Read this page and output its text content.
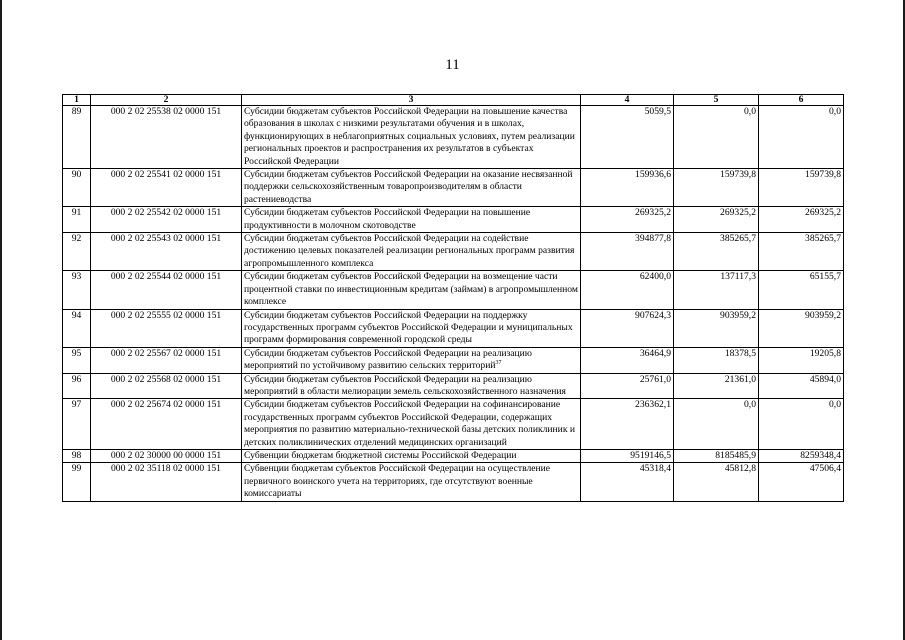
11
1	2	3	4	5	6
89	000 2 02 25538 02 0000 151	Субсидии бюджетам субъектов Российской Федерации на повышение качества образования в школах с низкими результатами обучения и в школах, функционирующих в неблагоприятных социальных условиях, путем реализации региональных проектов и распространения их результатов в субъектах Российской Федерации	5059,5	0,0	0,0
90	000 2 02 25541 02 0000 151	Субсидии бюджетам субъектов Российской Федерации на оказание несвязанной поддержки сельскохозяйственным товаропроизводителям в области растениеводства	159936,6	159739,8	159739,8
91	000 2 02 25542 02 0000 151	Субсидии бюджетам субъектов Российской Федерации на повышение продуктивности в молочном скотоводстве	269325,2	269325,2	269325,2
92	000 2 02 25543 02 0000 151	Субсидии бюджетам субъектов Российской Федерации на содействие достижению целевых показателей реализации региональных программ развития агропромышленного комплекса	394877,8	385265,7	385265,7
93	000 2 02 25544 02 0000 151	Субсидии бюджетам субъектов Российской Федерации на возмещение части процентной ставки по инвестиционным кредитам (займам) в агропромышленном комплексе	62400,0	137117,3	65155,7
94	000 2 02 25555 02 0000 151	Субсидии бюджетам субъектов Российской Федерации на поддержку государственных программ субъектов Российской Федерации и муниципальных программ формирования современной городской среды	907624,3	903959,2	903959,2
95	000 2 02 25567 02 0000 151	Субсидии бюджетам субъектов Российской Федерации на реализацию мероприятий по устойчивому развитию сельских территорий$^{37}$	36464,9	18378,5	19205,8
96	000 2 02 25568 02 0000 151	Субсидии бюджетам субъектов Российской Федерации на реализацию мероприятий в области мелиорации земель сельскохозяйственного назначения	25761,0	21361,0	45894,0
97	000 2 02 25674 02 0000 151	Субсидии бюджетам субъектов Российской Федерации на софинансирование государственных программ субъектов Российской Федерации, содержащих мероприятия по развитию материально-технической базы детских поликлиник и детских поликлинических отделений медицинских организаций	236362,1	0,0	0,0
98	000 2 02 30000 00 0000 151	Субвенции бюджетам бюджетной системы Российской Федерации	9519146,5	8185485,9	8259348,4
99	000 2 02 35118 02 0000 151	Субвенции бюджетам субъектов Российской Федерации на осуществление первичного воинского учета на территориях, где отсутствуют военные комиссариаты	45318,4	45812,8	47506,4
